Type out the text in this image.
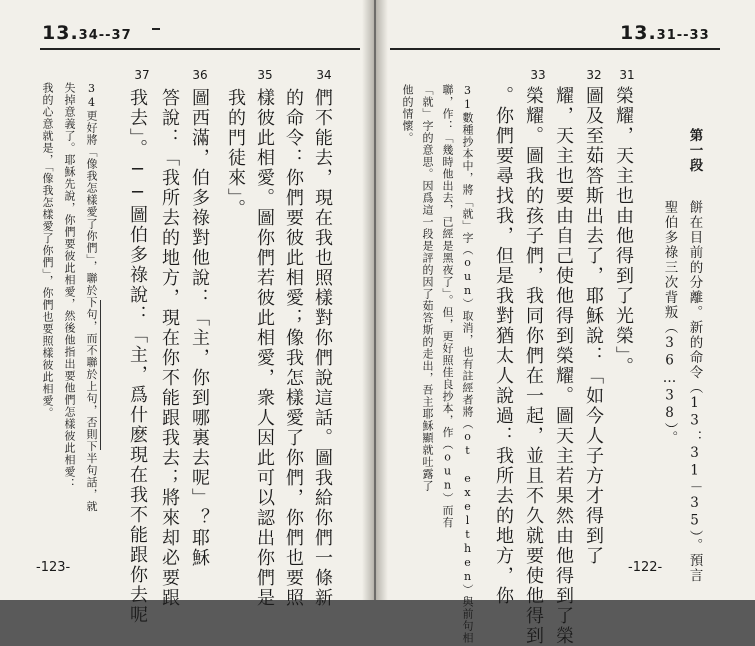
13.34--37
37	36	35	34
們不能去，現在我也照樣對你們說這話。圖我給你們一條新
的命令：你們要彼此相愛；像我怎樣愛了你們，你們也要照
樣彼此相愛。圖你們若彼此相愛，衆人因此可以認出你們是
我的門徒來」。
圖西滿，伯多祿對他說：「主，你到哪裏去呢」？耶穌
答說：「我所去的地方，現在你不能跟我去；將來却必要跟
我去」。──圖伯多祿說：「主，爲什麽現在我不能跟你去呢
34更好將「像我怎樣愛了你們」，聯於下句，而不聯於上句，否則下半句話，就
失掉意義了。耶穌先說，你們要彼此相愛，然後他指出要他們怎樣彼此相愛：
我的心意就是，「像我怎樣愛了你們」，你們也要照樣彼此相愛。
-123-
13.31--33
第一段
餅在目前的分離。新的命令（13：31－35）。預言
聖伯多祿三次背叛（36…38）。
31
32
33
榮耀，天主也由他得到了光榮」。
圖及至茹答斯出去了，耶穌說：「如今人子方才得到了
耀，天主也要由自己使他得到榮耀。圖天主若果然由他得到了榮
榮耀。圖我的孩子們，我同你們在一起，並且不久就要使他得到
。你們要尋找我，但是我對猶太人說過：我所去的地方，你
31數種抄本中，將「就」字（oun）取消，也有註經者將（ot exelthen）與前句相
聯，作：「幾時他出去，已經是黑夜了」。但，更好照佳良抄本，作（oun）而有
「就」字的意思。因爲這一段是評的因了茹答斯的走出，吾主耶穌顯就吐露了
他的情懷。
-122-
